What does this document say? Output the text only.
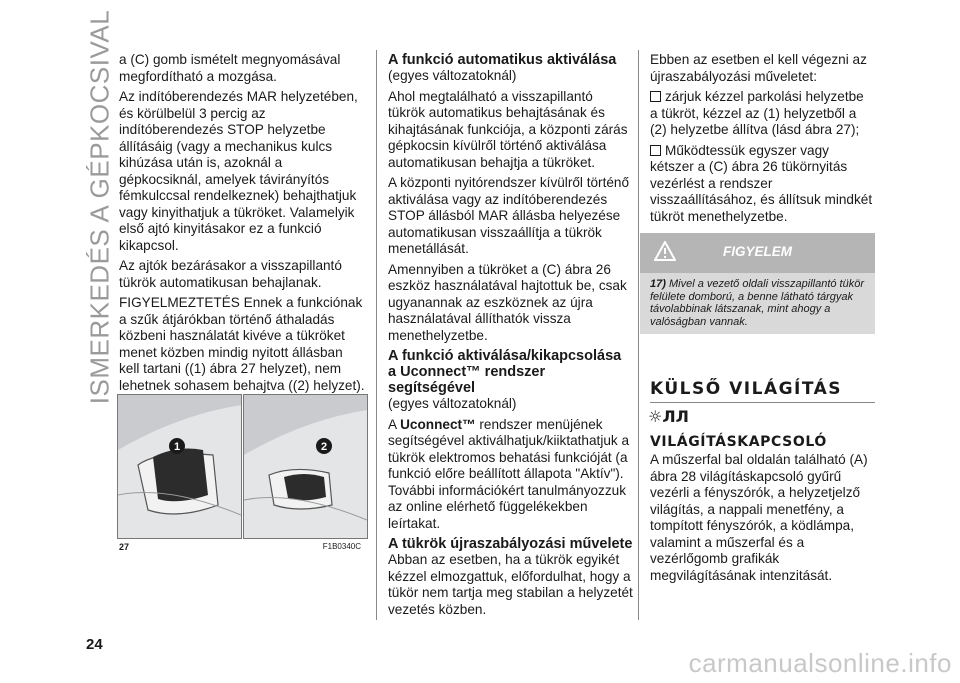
ISMERKEDÉS A GÉPKOCSIVAL a (C) gomb ismételt megnyomásával megfordítható a mozgása.

Az indítóberendezés MAR helyzetében, és körülbelül 3 percig az indítóberendezés STOP helyzetbe állításáig (vagy a mechanikus kulcs kihúzása után is, azoknál a gépkocsiknál, amelyek távirányítós fémkulccsal rendelkeznek) behajthatjuk vagy kinyithatjuk a tükröket. Valamelyik első ajtó kinyitásakor ez a funkció kikapcsol.

Az ajtók bezárásakor a visszapillantó tükrök automatikusan behajlanak.

FIGYELMEZTETÉS Ennek a funkciónak a szűk átjárókban történő áthaladás közbeni használatát kivéve a tükröket menet közben mindig nyitott állásban kell tartani ((1) ábra 27 helyzet), nem lehetnek sohasem behajtva ((2) helyzet).

1	2
27	F1B0340C
A funkció automatikus aktiválása

(egyes változatoknál)

Ahol megtalálható a visszapillantó tükrök automatikus behajtásának és kihajtásának funkciója, a központi zárás gépkocsin kívülről történő aktiválása automatikusan behajtja a tükröket.

A központi nyitórendszer kívülről történő aktiválása vagy az indítóberendezés STOP állásból MAR állásba helyezése automatikusan visszaállítja a tükrök menetállását.

Amennyiben a tükröket a (C) ábra 26 eszköz használatával hajtottuk be, csak ugyanannak az eszköznek az újra használatával állíthatók vissza menethelyzetbe.

A funkció aktiválása/kikapcsolása a Uconnect™ rendszer segítségével

(egyes változatoknál)

A Uconnect™ rendszer menüjének segítségével aktiválhatjuk/kiiktathatjuk a tükrök elektromos behatási funkcióját (a funkció előre beállított állapota "Aktív"). További információkért tanulmányozzuk az online elérhető függelékekben leírtakat.

A tükrök újraszabályozási művelete

Abban az esetben, ha a tükrök egyikét kézzel elmozgattuk, előfordulhat, hogy a tükör nem tartja meg stabilan a helyzetét vezetés közben.

Ebben az esetben el kell végezni az újraszabályozási műveletet:

zárjuk kézzel parkolási helyzetbe a tükröt, kézzel az (1) helyzetből a (2) helyzetbe állítva (lásd ábra 27);

Működtessük egyszer vagy kétszer a (C) ábra 26 tükörnyitás vezérlést a rendszer visszaállításához, és állítsuk mindkét tükröt menethelyzetbe.

FIGYELEM
17) Mivel a vezető oldali visszapillantó tükör felülete domború, a benne látható tárgyak távolabbinak látszanak, mint ahogy a valóságban vannak.
KÜLSŐ VILÁGÍTÁS
☼ЛЛ
VILÁGÍTÁSKAPCSOLÓ
A műszerfal bal oldalán található (A) ábra 28 világításkapcsoló gyűrű vezérli a fényszórók, a helyzetjelző világítás, a nappali menetfény, a tompított fényszórók, a ködlámpa, valamint a műszerfal és a vezérlőgomb grafikák megvilágításának intenzitását.
24
carmanualsonline.info
